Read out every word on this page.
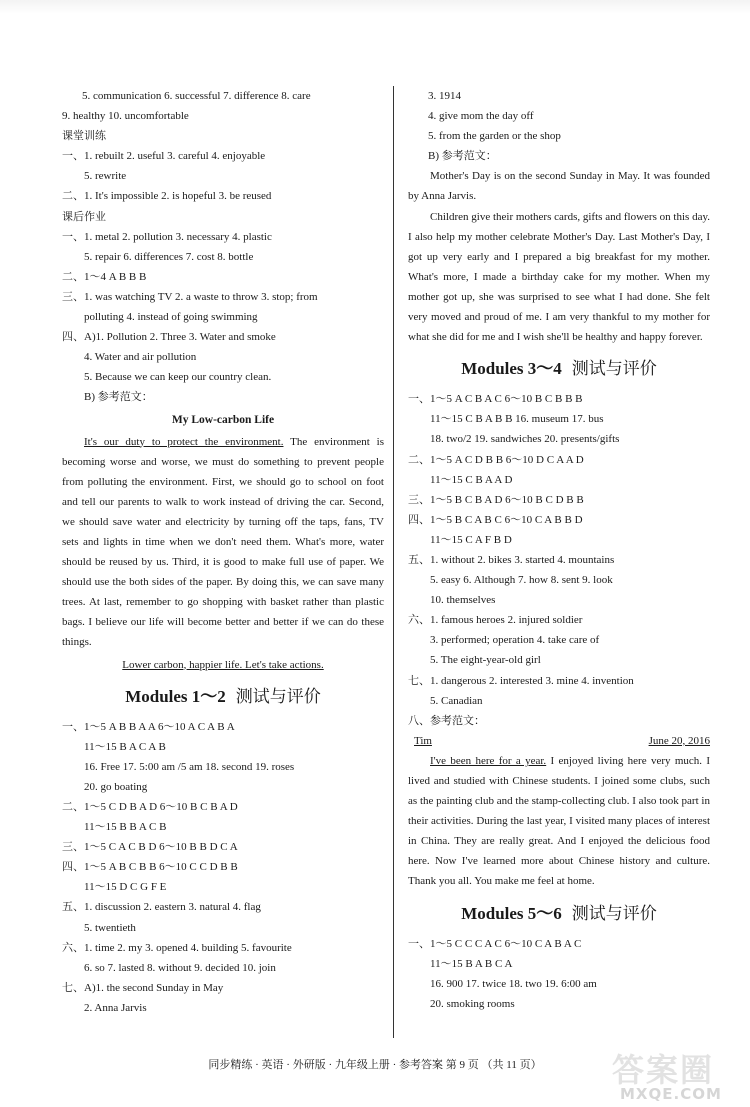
5. communication 6. successful 7. difference 8. care
9. healthy 10. uncomfortable
课堂训练
一、1. rebuilt 2. useful 3. careful 4. enjoyable
5. rewrite
二、1. It's impossible 2. is hopeful 3. be reused
课后作业
一、1. metal 2. pollution 3. necessary 4. plastic
5. repair 6. differences 7. cost 8. bottle
二、1～4 A B B B
三、1. was watching TV 2. a waste to throw 3. stop; from
polluting 4. instead of going swimming
四、A)1. Pollution 2. Three 3. Water and smoke
4. Water and air pollution
5. Because we can keep our country clean.
B) 参考范文：
My Low-carbon Life

It's our duty to protect the environment. The environment is becoming worse and worse, we must do something to prevent people from polluting the environment. First, we should go to school on foot and tell our parents to walk to work instead of driving the car. Second, we should save water and electricity by turning off the taps, fans, TV sets and lights in time when we don't need them. What's more, water should be reused by us. Third, it is good to make full use of paper. We should use the both sides of the paper. By doing this, we can save many trees. At last, remember to go shopping with basket rather than plastic bags. I believe our life will become better and better if we can do these things.

Lower carbon, happier life. Let's take actions.
Modules 1～2 测试与评价
一、1～5 A B B A A 6～10 A C A B A
11～15 B A C A B
16. Free 17. 5:00 am /5 am 18. second 19. roses
20. go boating
二、1～5 C D B A D 6～10 B C B A D
11～15 B B A C B
三、1～5 C A C B D 6～10 B B D C A
四、1～5 A B C B B 6～10 C C D B B
11～15 D C G F E
五、1. discussion 2. eastern 3. natural 4. flag
5. twentieth
六、1. time 2. my 3. opened 4. building 5. favourite
6. so 7. lasted 8. without 9. decided 10. join
七、A)1. the second Sunday in May
2. Anna Jarvis
3. 1914
4. give mom the day off
5. from the garden or the shop
B) 参考范文：

Mother's Day is on the second Sunday in May. It was founded by Anna Jarvis.

Children give their mothers cards, gifts and flowers on this day. I also help my mother celebrate Mother's Day. Last Mother's Day, I got up very early and I prepared a big breakfast for my mother. What's more, I made a birthday cake for my mother. When my mother got up, she was surprised to see what I had done. She felt very moved and proud of me. I am very thankful to my mother for what she did for me and I wish she'll be healthy and happy forever.

Modules 3～4 测试与评价
一、1～5 A C B A C 6～10 B C B B B
11～15 C B A B B 16. museum 17. bus
18. two/2 19. sandwiches 20. presents/gifts
二、1～5 A C D B B 6～10 D C A A D
11～15 C B A A D
三、1～5 B C B A D 6～10 B C D B B
四、1～5 B C A B C 6～10 C A B B D
11～15 C A F B D
五、1. without 2. bikes 3. started 4. mountains
5. easy 6. Although 7. how 8. sent 9. look
10. themselves
六、1. famous heroes 2. injured soldier
3. performed; operation 4. take care of
5. The eight-year-old girl
七、1. dangerous 2. interested 3. mine 4. invention
5. Canadian
八、参考范文：
Tim	June 20, 2016

I've been here for a year. I enjoyed living here very much. I lived and studied with Chinese students. I joined some clubs, such as the painting club and the stamp-collecting club. I also took part in their activities. During the last year, I visited many places of interest in China. They are really great. And I enjoyed the delicious food here. Now I've learned more about Chinese history and culture. Thank you all. You make me feel at home.

Modules 5～6 测试与评价
一、1～5 C C C A C 6～10 C A B A C
11～15 B A B C A
16. 900 17. twice 18. two 19. 6:00 am
20. smoking rooms
同步精练 · 英语 · 外研版 · 九年级上册 · 参考答案 第 9 页 （共 11 页）	答案圈
MXQE.COM
